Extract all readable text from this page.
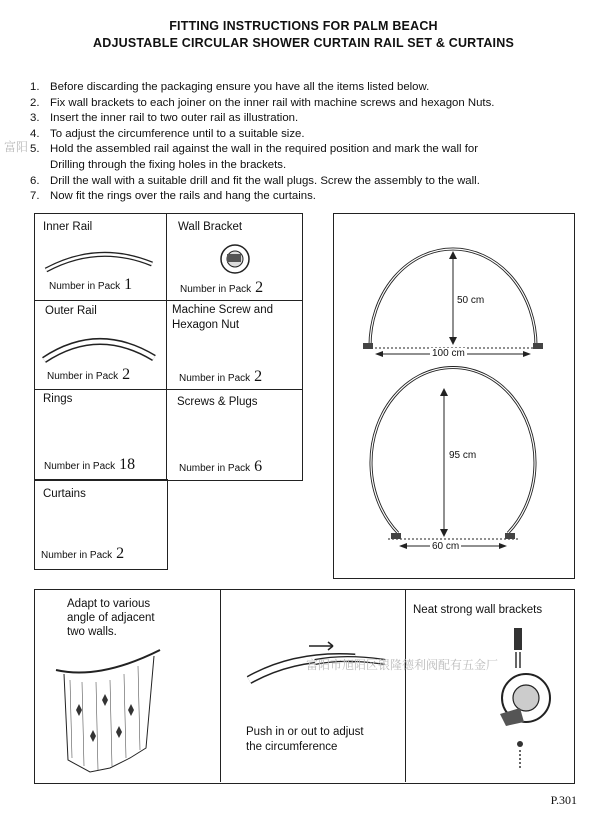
FITTING INSTRUCTIONS FOR PALM BEACH
ADJUSTABLE CIRCULAR SHOWER CURTAIN RAIL SET & CURTAINS
1. Before discarding the packaging ensure you have all the items listed below.
2. Fix wall brackets to each joiner on the inner rail with machine screws and hexagon Nuts.
3. Insert the inner rail to two outer rail as illustration.
4. To adjust the circumference until to a suitable size.
5. Hold the assembled rail against the wall in the required position and mark the wall for
Drilling through the fixing holes in the brackets.
6. Drill the wall with a suitable drill and fit the wall plugs. Screw the assembly to the wall.
7. Now fit the rings over the rails and hang the curtains.
富阳
Inner Rail
Number in Pack 1
Wall Bracket
Number in Pack 2
Outer Rail
Number in Pack 2
Machine Screw and
Hexagon Nut
Number in Pack 2
Rings
Number in Pack 18
Screws & Plugs
Number in Pack 6
Curtains
Number in Pack 2
50 cm
100 cm
95 cm
60 cm
Adapt to various
angle of adjacent
two walls.
富阳市旭阳区银隆德利阀配有五金厂
Push in or out to adjust
the circumference
Neat strong wall brackets
P.301
